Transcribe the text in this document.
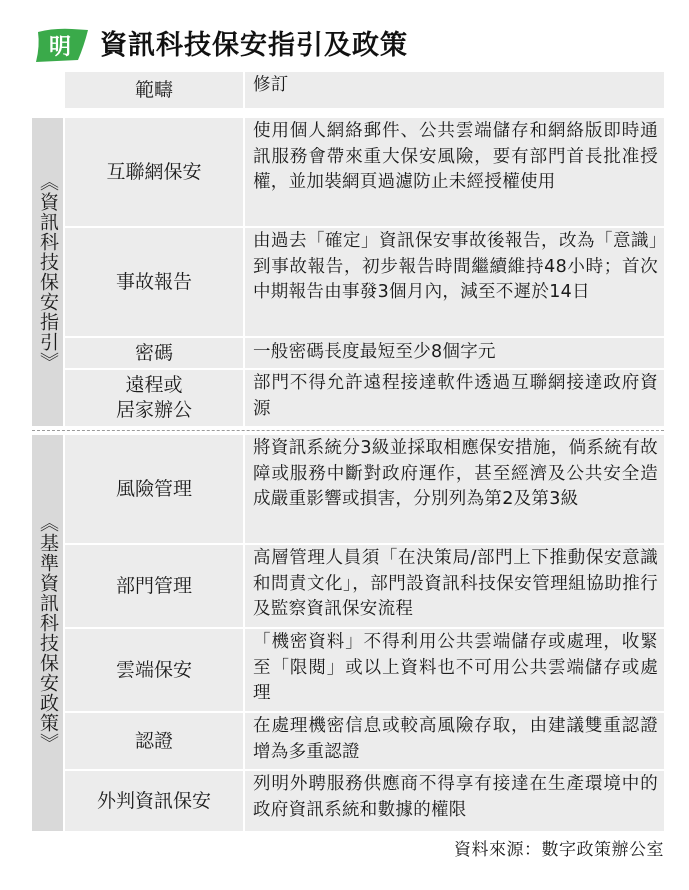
明 資訊科技保安指引及政策
範疇	修訂
《資訊科技保安指引》
互聯網保安
使用個人網絡郵件、公共雲端儲存和網絡版即時通訊服務會帶來重大保安風險，要有部門首長批准授權，並加裝網頁過濾防止未經授權使用
事故報告
由過去「確定」資訊保安事故後報告，改為「意識」到事故報告，初步報告時間繼續維持48小時；首次中期報告由事發3個月內，減至不遲於14日
密碼	一般密碼長度最短至少8個字元
遠程或
居家辦公
部門不得允許遠程接達軟件透過互聯網接達政府資源
《基準資訊科技保安政策》
風險管理
將資訊系統分3級並採取相應保安措施，倘系統有故障或服務中斷對政府運作，甚至經濟及公共安全造成嚴重影響或損害，分別列為第2及第3級
部門管理
高層管理人員須「在決策局/部門上下推動保安意識和問責文化」，部門設資訊科技保安管理組協助推行及監察資訊保安流程
雲端保安
「機密資料」不得利用公共雲端儲存或處理，收緊至「限閱」或以上資料也不可用公共雲端儲存或處理
認證
在處理機密信息或較高風險存取，由建議雙重認證增為多重認證
外判資訊保安
列明外聘服務供應商不得享有接達在生產環境中的政府資訊系統和數據的權限
資料來源：數字政策辦公室
